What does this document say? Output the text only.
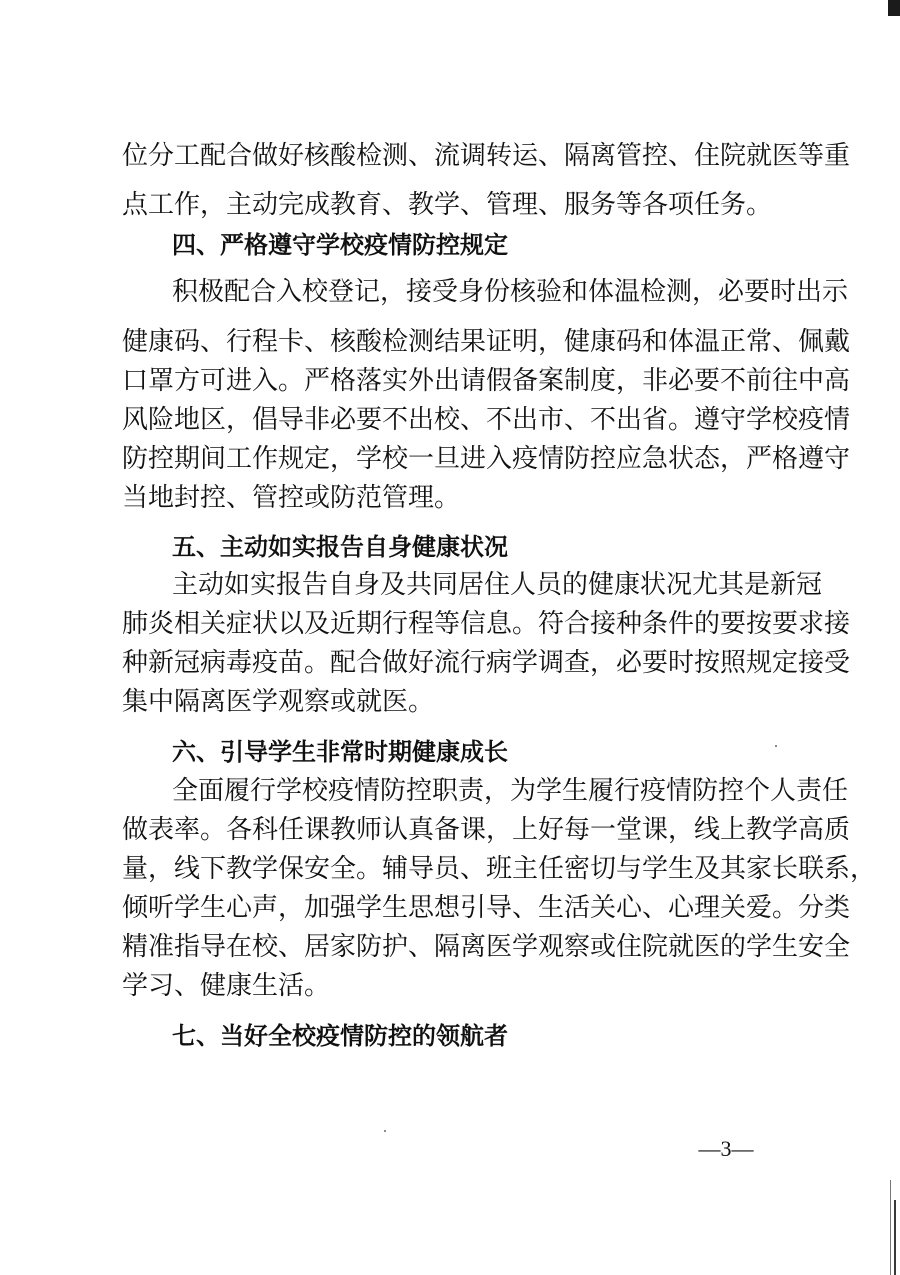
位分工配合做好核酸检测、流调转运、隔离管控、住院就医等重
点工作，主动完成教育、教学、管理、服务等各项任务。
四、严格遵守学校疫情防控规定
积极配合入校登记，接受身份核验和体温检测，必要时出示
健康码、行程卡、核酸检测结果证明，健康码和体温正常、佩戴
口罩方可进入。严格落实外出请假备案制度，非必要不前往中高
风险地区，倡导非必要不出校、不出市、不出省。遵守学校疫情
防控期间工作规定，学校一旦进入疫情防控应急状态，严格遵守
当地封控、管控或防范管理。
五、主动如实报告自身健康状况
主动如实报告自身及共同居住人员的健康状况尤其是新冠
肺炎相关症状以及近期行程等信息。符合接种条件的要按要求接
种新冠病毒疫苗。配合做好流行病学调查，必要时按照规定接受
集中隔离医学观察或就医。
六、引导学生非常时期健康成长
全面履行学校疫情防控职责，为学生履行疫情防控个人责任
做表率。各科任课教师认真备课，上好每一堂课，线上教学高质
量，线下教学保安全。辅导员、班主任密切与学生及其家长联系，
倾听学生心声，加强学生思想引导、生活关心、心理关爱。分类
精准指导在校、居家防护、隔离医学观察或住院就医的学生安全
学习、健康生活。
七、当好全校疫情防控的领航者
—3—
